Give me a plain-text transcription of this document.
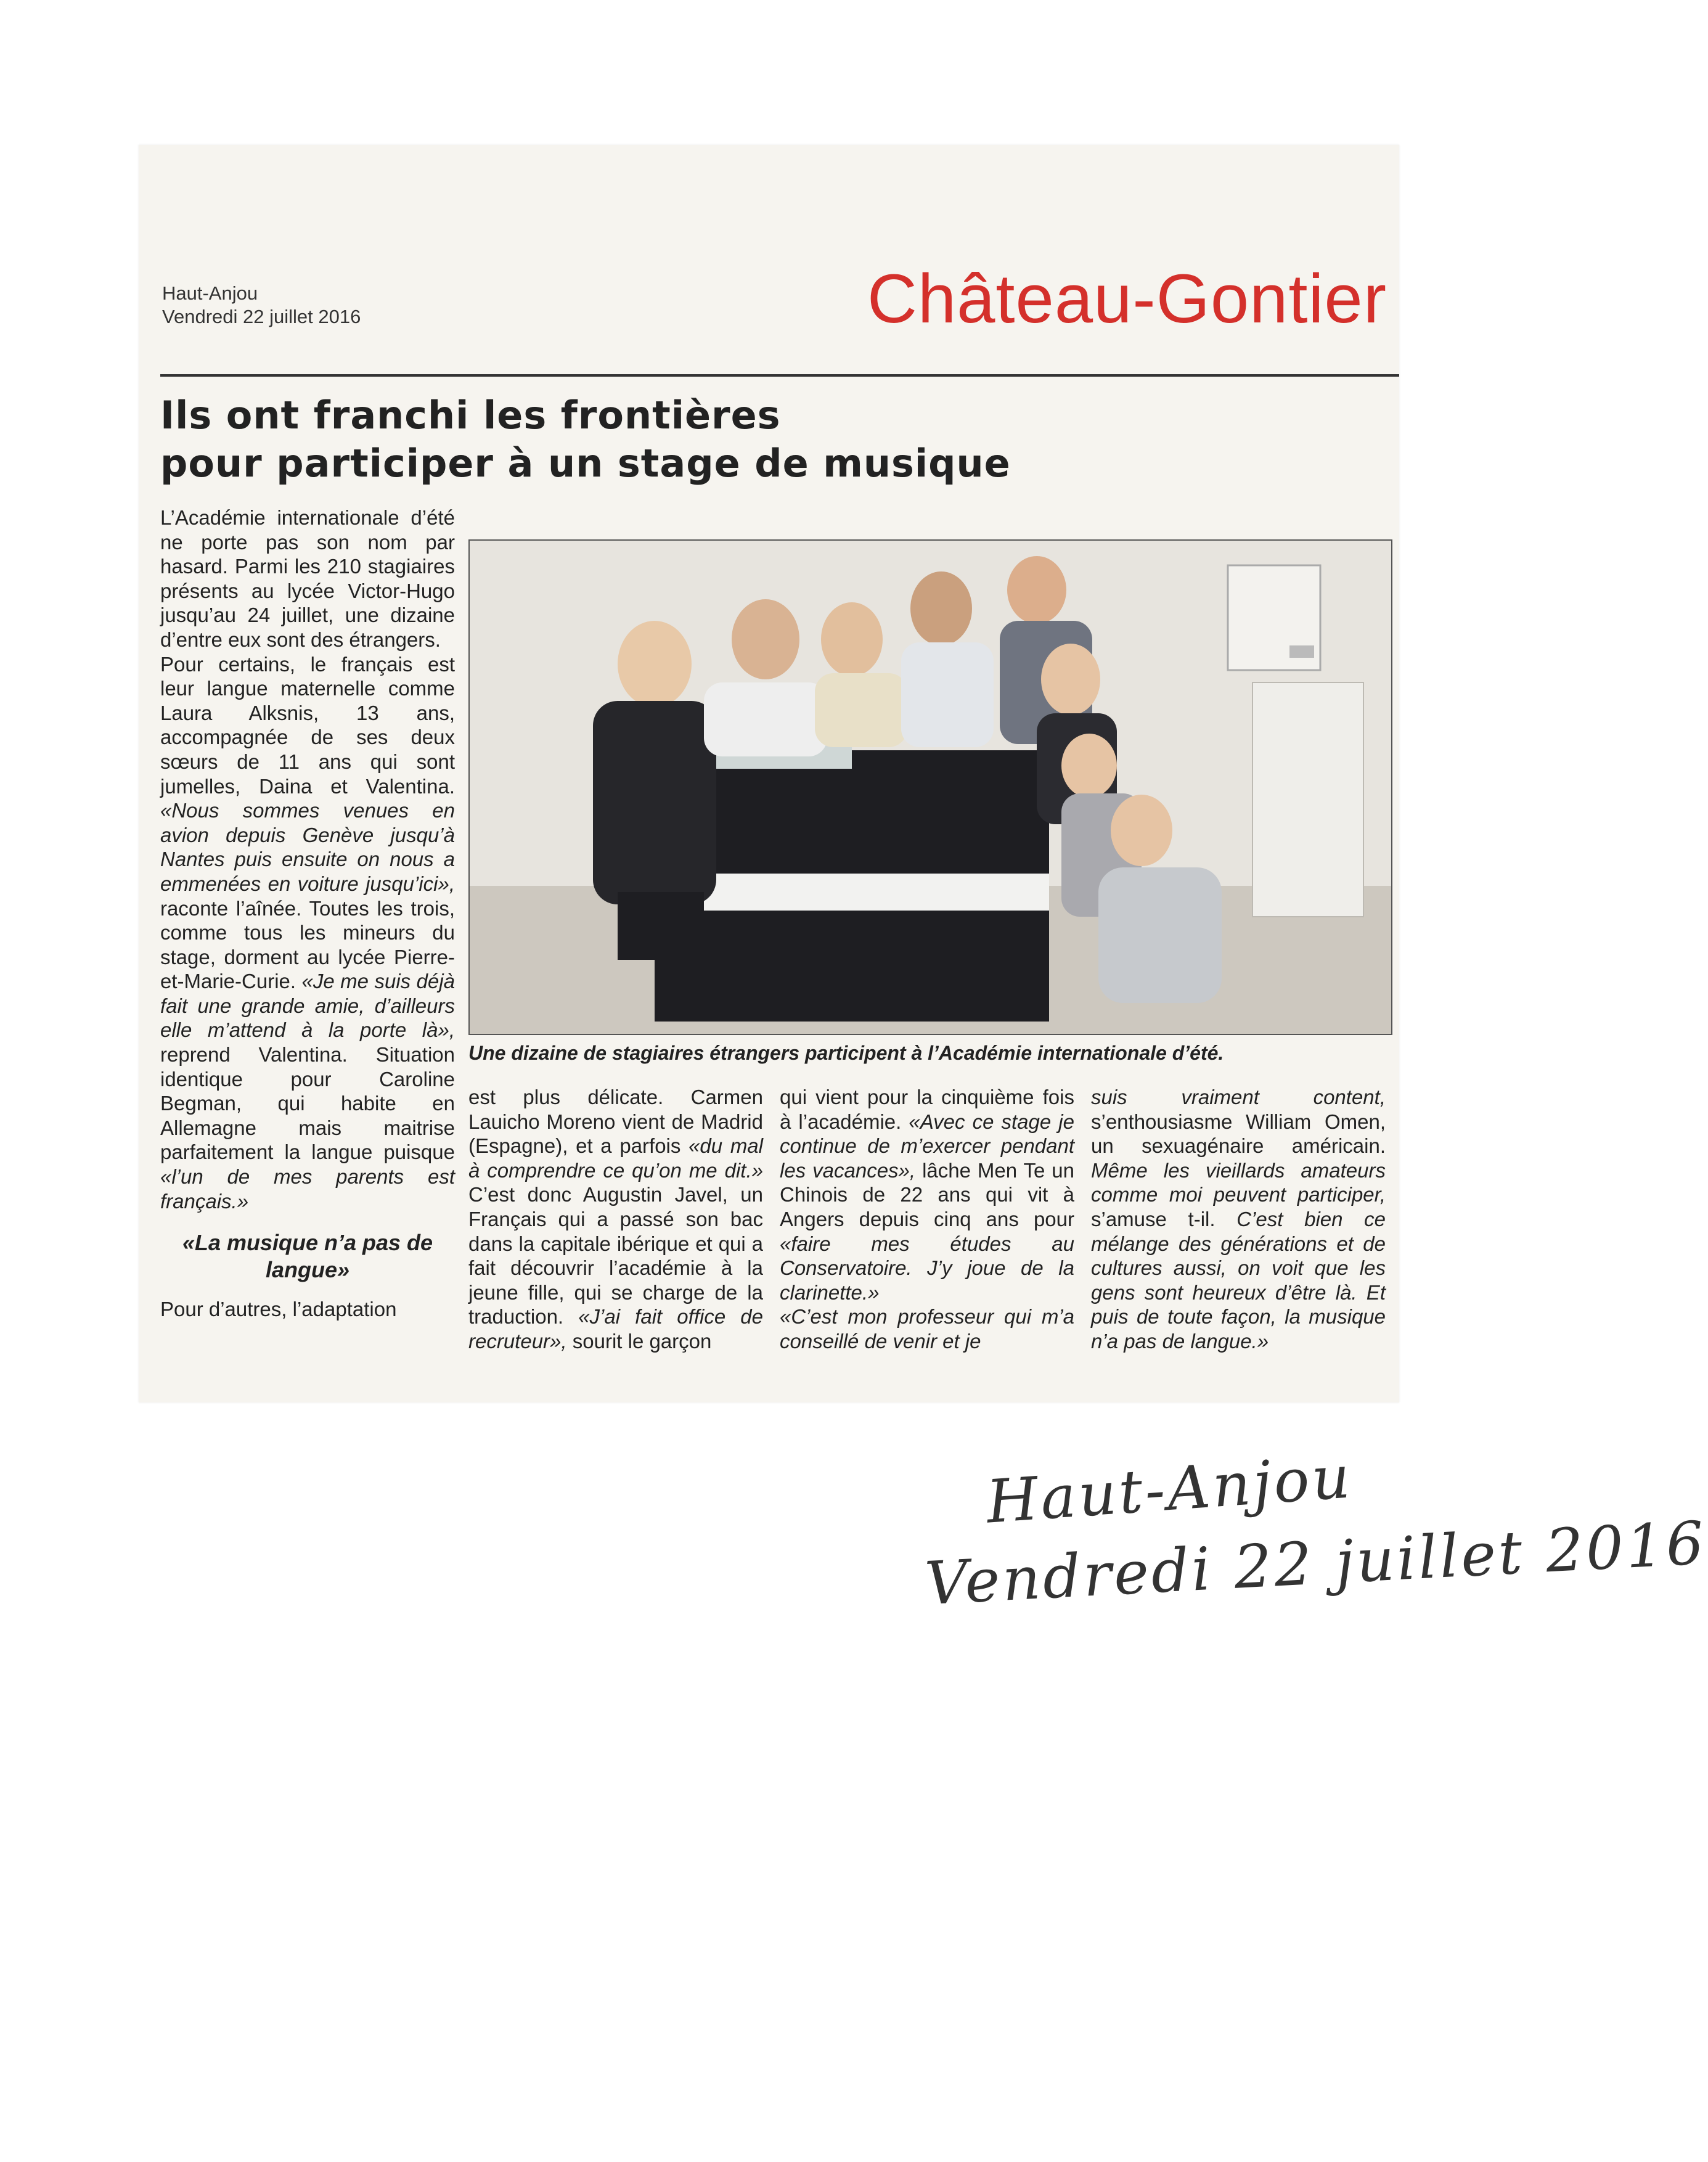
Haut-Anjou
Vendredi 22 juillet 2016	Château-Gontier
Ils ont franchi les frontières
pour participer à un stage de musique

L’Académie internationale d’été ne porte pas son nom par hasard. Parmi les 210 stagiaires présents au lycée Victor-Hugo jusqu’au 24 juillet, une dizaine d’entre eux sont des étrangers.

Pour certains, le français est leur langue maternelle comme Laura Alksnis, 13 ans, accompagnée de ses deux sœurs de 11 ans qui sont jumelles, Daina et Valentina. «Nous sommes venues en avion depuis Genève jusqu’à Nantes puis ensuite on nous a emmenées en voiture jusqu’ici», raconte l’aînée. Toutes les trois, comme tous les mineurs du stage, dorment au lycée Pierre-et-Marie-Curie. «Je me suis déjà fait une grande amie, d’ailleurs elle m’attend à la porte là», reprend Valentina. Situation identique pour Caroline Begman, qui habite en Allemagne mais maitrise parfaitement la langue puisque «l’un de mes parents est français.»

«La musique n’a pas de langue»

Pour d’autres, l’adaptation

Une dizaine de stagiaires étrangers participent à l’Académie internationale d’été.

est plus délicate. Carmen Lauicho Moreno vient de Madrid (Espagne), et a parfois «du mal à comprendre ce qu’on me dit.» C’est donc Augustin Javel, un Français qui a passé son bac dans la capitale ibérique et qui a fait découvrir l’académie à la jeune fille, qui se charge de la traduction. «J’ai fait office de recruteur», sourit le garçon

qui vient pour la cinquième fois à l’académie. «Avec ce stage je continue de m’exercer pendant les vacances», lâche Men Te un Chinois de 22 ans qui vit à Angers depuis cinq ans pour «faire mes études au Conservatoire. J’y joue de la clarinette.»

«C’est mon professeur qui m’a conseillé de venir et je

suis vraiment content, s’enthousiasme William Omen, un sexuagénaire américain. Même les vieillards amateurs comme moi peuvent participer, s’amuse t-il. C’est bien ce mélange des générations et de cultures aussi, on voit que les gens sont heureux d’être là. Et puis de toute façon, la musique n’a pas de langue.»

Haut-Anjou
Vendredi 22 juillet 2016
